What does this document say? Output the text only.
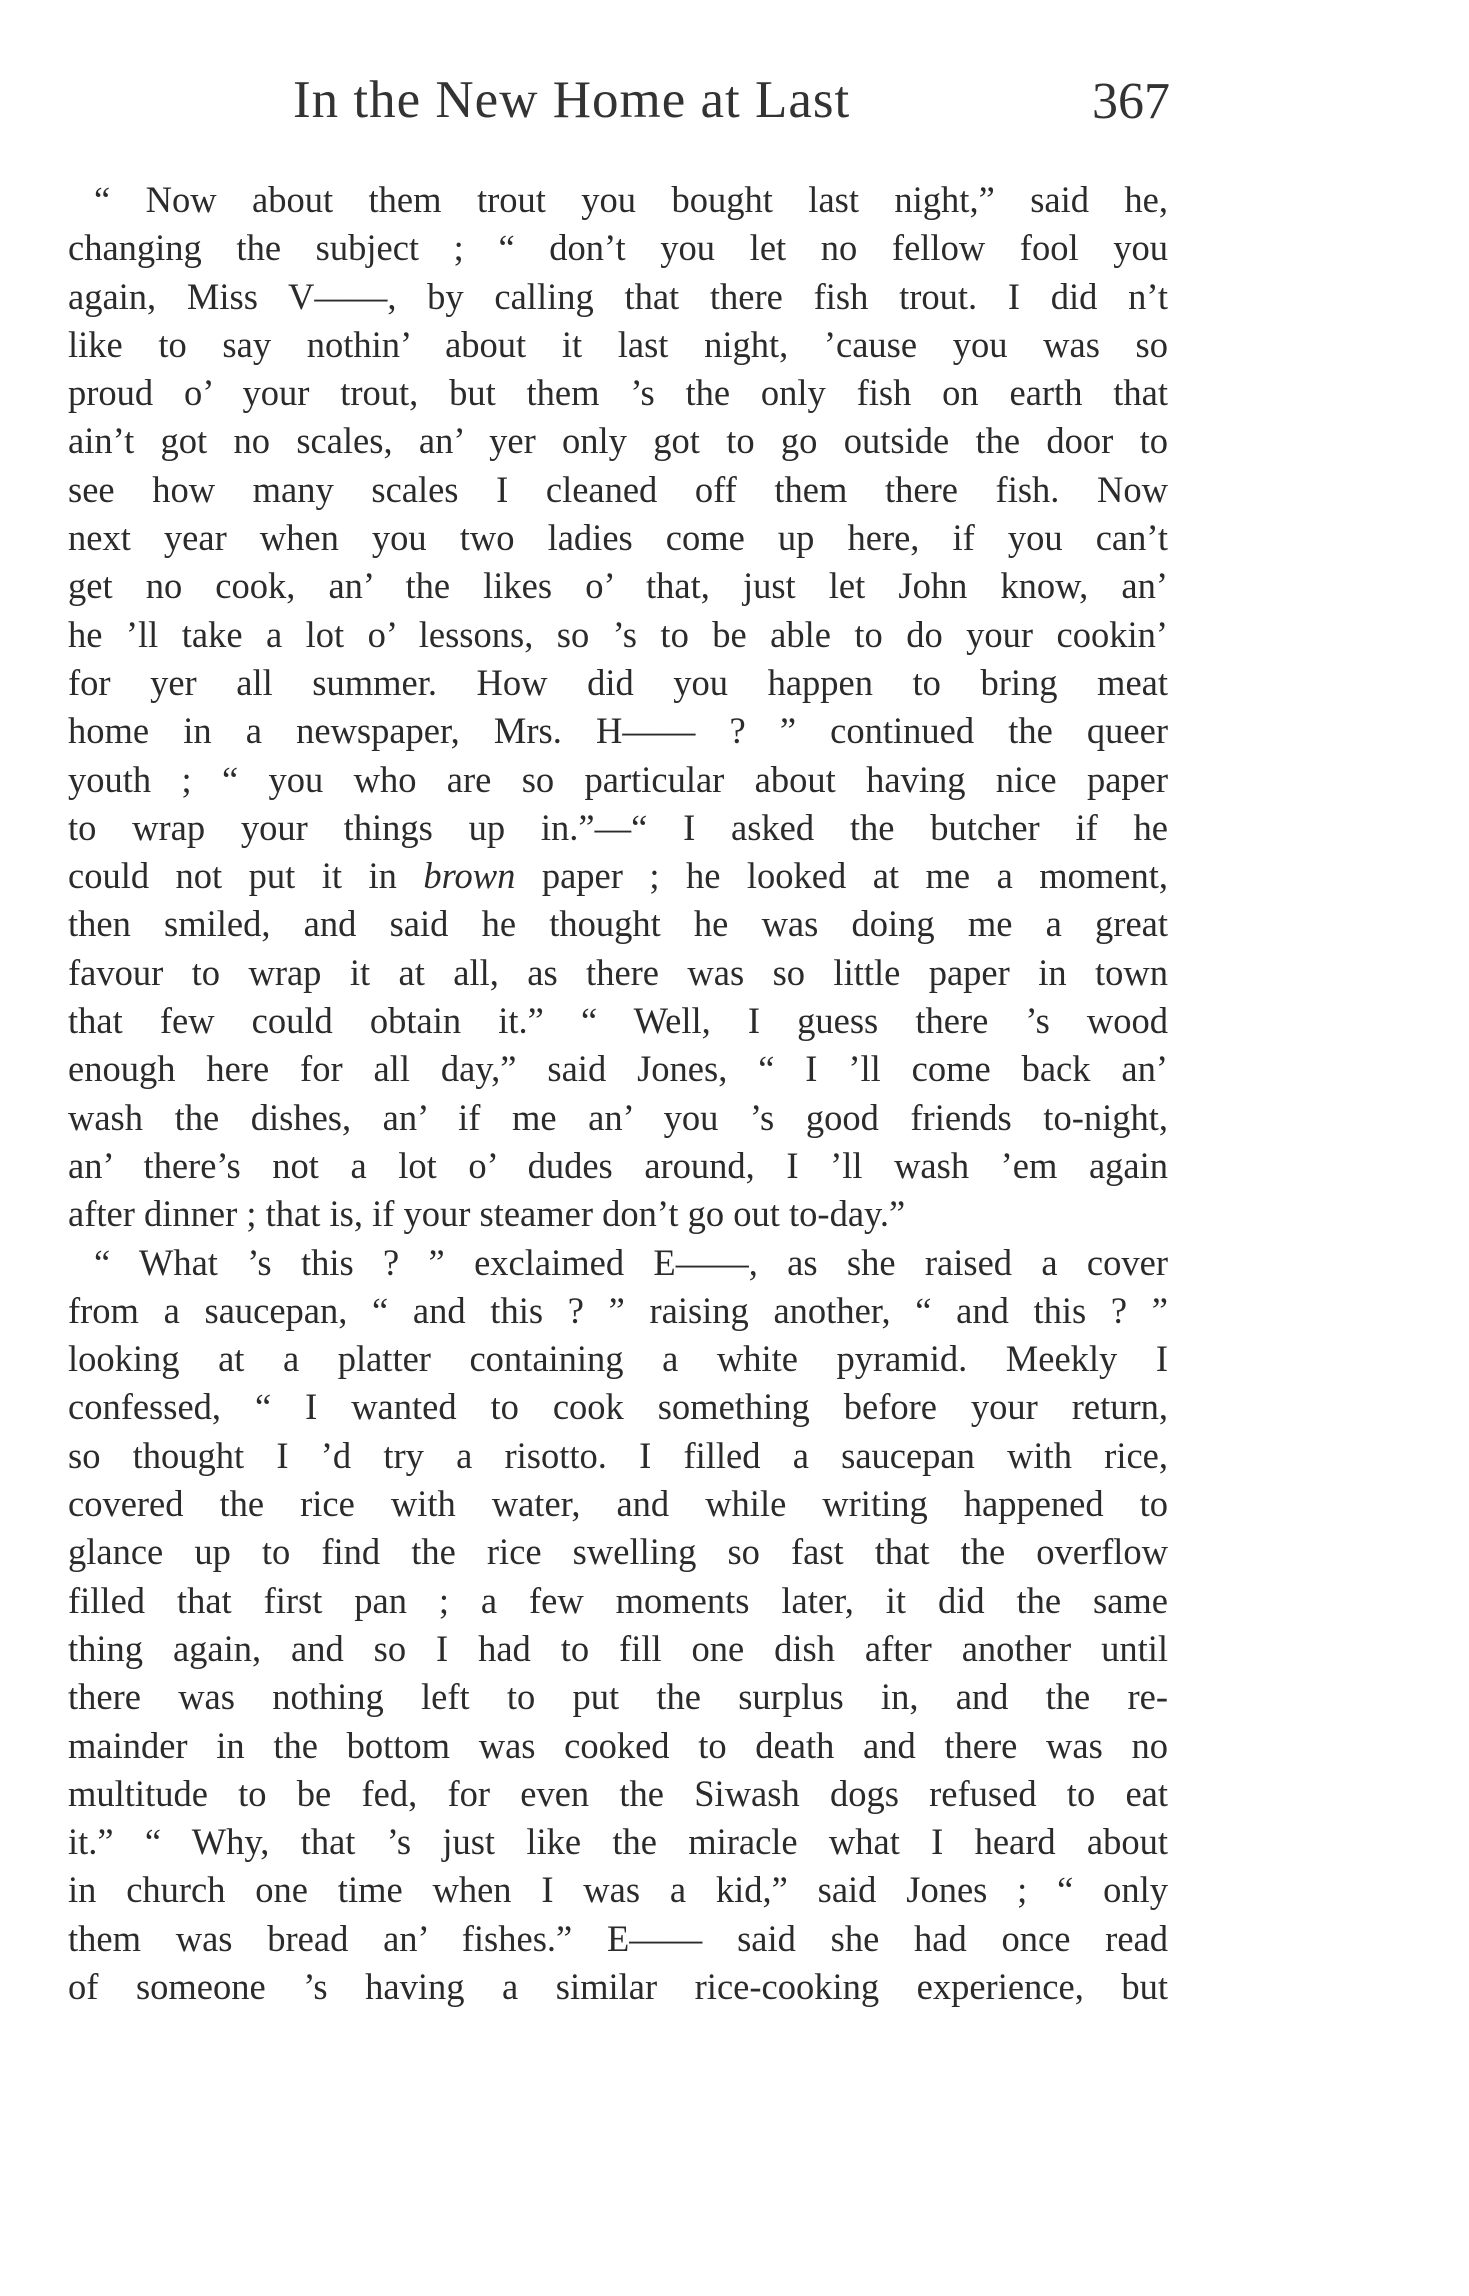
In the New Home at Last	367
“ Now about them trout you bought last night,” said he,
changing the subject ; “ don’t you let no fellow fool you
again, Miss V——, by calling that there fish trout. I did n’t
like to say nothin’ about it last night, ’cause you was so
proud o’ your trout, but them ’s the only fish on earth that
ain’t got no scales, an’ yer only got to go outside the door to
see how many scales I cleaned off them there fish. Now
next year when you two ladies come up here, if you can’t
get no cook, an’ the likes o’ that, just let John know, an’
he ’ll take a lot o’ lessons, so ’s to be able to do your cookin’
for yer all summer. How did you happen to bring meat
home in a newspaper, Mrs. H—— ? ” continued the queer
youth ; “ you who are so particular about having nice paper
to wrap your things up in.”—“ I asked the butcher if he
could not put it in brown paper ; he looked at me a moment,
then smiled, and said he thought he was doing me a great
favour to wrap it at all, as there was so little paper in town
that few could obtain it.” “ Well, I guess there ’s wood
enough here for all day,” said Jones, “ I ’ll come back an’
wash the dishes, an’ if me an’ you ’s good friends to-night,
an’ there’s not a lot o’ dudes around, I ’ll wash ’em again
after dinner ; that is, if your steamer don’t go out to-day.”
“ What ’s this ? ” exclaimed E——, as she raised a cover
from a saucepan, “ and this ? ” raising another, “ and this ? ”
looking at a platter containing a white pyramid. Meekly I
confessed, “ I wanted to cook something before your return,
so thought I ’d try a risotto. I filled a saucepan with rice,
covered the rice with water, and while writing happened to
glance up to find the rice swelling so fast that the overflow
filled that first pan ; a few moments later, it did the same
thing again, and so I had to fill one dish after another until
there was nothing left to put the surplus in, and the re-
mainder in the bottom was cooked to death and there was no
multitude to be fed, for even the Siwash dogs refused to eat
it.” “ Why, that ’s just like the miracle what I heard about
in church one time when I was a kid,” said Jones ; “ only
them was bread an’ fishes.” E—— said she had once read
of someone ’s having a similar rice-cooking experience, but
